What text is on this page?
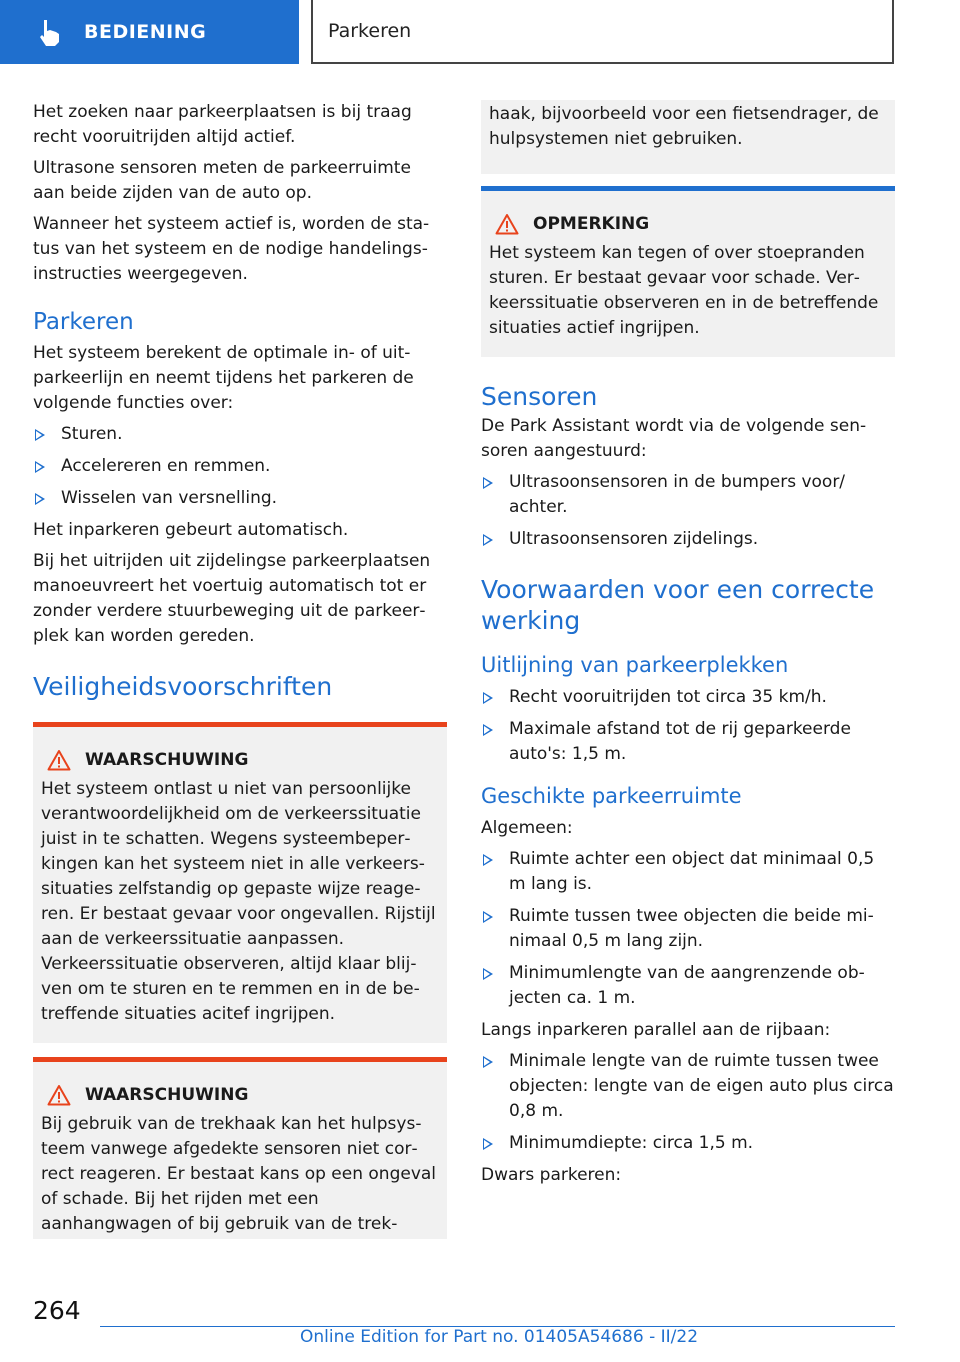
BEDIENING	Parkeren

Het zoeken naar parkeerplaatsen is bij traag recht vooruitrijden altijd actief.

Ultrasone sensoren meten de parkeerruimte aan beide zijden van de auto op.

Wanneer het systeem actief is, worden de status van het systeem en de nodige handelingsinstructies weergegeven.

Parkeren

Het systeem berekent de optimale in- of uitparkeerlijn en neemt tijdens het parkeren de volgende functies over:

Sturen.
Accelereren en remmen.
Wisselen van versnelling.

Het inparkeren gebeurt automatisch.

Bij het uitrijden uit zijdelingse parkeerplaatsen manoeuvreert het voertuig automatisch tot er zonder verdere stuurbeweging uit de parkeerplek kan worden gereden.

Veiligheidsvoorschriften
WAARSCHUWING

Het systeem ontlast u niet van persoonlijke verantwoordelijkheid om de verkeerssituatie juist in te schatten. Wegens systeembeperkingen kan het systeem niet in alle verkeerssituaties zelfstandig op gepaste wijze reageren. Er bestaat gevaar voor ongevallen. Rijstijl aan de verkeerssituatie aanpassen. Verkeerssituatie observeren, altijd klaar blijven om te sturen en te remmen en in de betreffende situaties acitef ingrijpen.

WAARSCHUWING

Bij gebruik van de trekhaak kan het hulpsysteem vanwege afgedekte sensoren niet correct reageren. Er bestaat kans op een ongeval of schade. Bij het rijden met een aanhangwagen of bij gebruik van de trek-

haak, bijvoorbeeld voor een fietsendrager, de hulpsystemen niet gebruiken.

OPMERKING

Het systeem kan tegen of over stoepranden sturen. Er bestaat gevaar voor schade. Verkeerssituatie observeren en in de betreffende situaties actief ingrijpen.

Sensoren

De Park Assistant wordt via de volgende sensoren aangestuurd:

Ultrasoonsensoren in de bumpers voor/ achter.
Ultrasoonsensoren zijdelings.
Voorwaarden voor een correcte werking
Uitlijning van parkeerplekken
Recht vooruitrijden tot circa 35 km/h.
Maximale afstand tot de rij geparkeerde auto's: 1,5 m.
Geschikte parkeerruimte

Algemeen:

Ruimte achter een object dat minimaal 0,5 m lang is.
Ruimte tussen twee objecten die beide minimaal 0,5 m lang zijn.
Minimumlengte van de aangrenzende objecten ca. 1 m.

Langs inparkeren parallel aan de rijbaan:

Minimale lengte van de ruimte tussen twee objecten: lengte van de eigen auto plus circa 0,8 m.
Minimumdiepte: circa 1,5 m.

Dwars parkeren:

264
Online Edition for Part no. 01405A54686 - II/22
